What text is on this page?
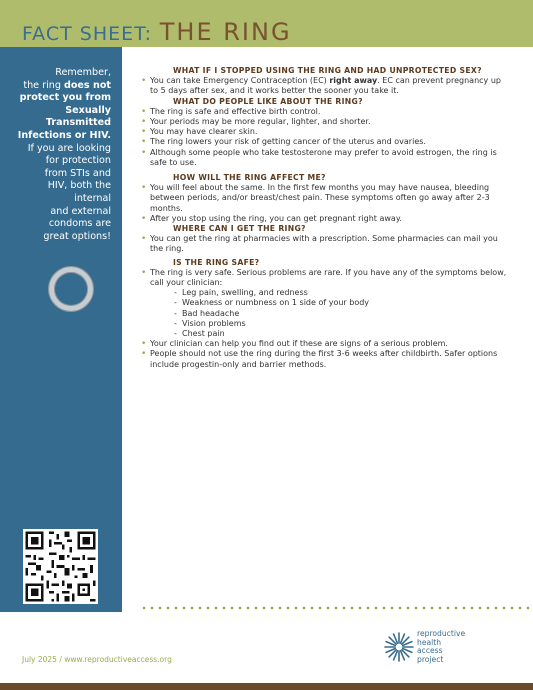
FACT SHEET: THE RING
Remember,
the ring does not
protect you from
Sexually
Transmitted
Infections or HIV.
If you are looking
for protection
from STIs and
HIV, both the
internal
and external
condoms are
great options!

WHAT IF I STOPPED USING THE RING AND HAD UNPROTECTED SEX?

• You can take Emergency Contraception (EC) right away. EC can prevent pregnancy up to 5 days after sex, and it works better the sooner you take it.

WHAT DO PEOPLE LIKE ABOUT THE RING?

• The ring is safe and effective birth control.
• Your periods may be more regular, lighter, and shorter.
• You may have clearer skin.
• The ring lowers your risk of getting cancer of the uterus and ovaries.
• Although some people who take testosterone may prefer to avoid estrogen, the ring is safe to use.

HOW WILL THE RING AFFECT ME?

• You will feel about the same. In the first few months you may have nausea, bleeding between periods, and/or breast/chest pain. These symptoms often go away after 2-3 months.
• After you stop using the ring, you can get pregnant right away.

WHERE CAN I GET THE RING?

• You can get the ring at pharmacies with a prescription. Some pharmacies can mail you the ring.

IS THE RING SAFE?

• The ring is very safe. Serious problems are rare. If you have any of the symptoms below, call your clinician:
- Leg pain, swelling, and redness
- Weakness or numbness on 1 side of your body
- Bad headache
- Vision problems
- Chest pain
• Your clinician can help you find out if these are signs of a serious problem.
• People should not use the ring during the first 3-6 weeks after childbirth. Safer options include progestin-only and barrier methods.
July 2025 / www.reproductiveaccess.org
reproductive
health
access
project
